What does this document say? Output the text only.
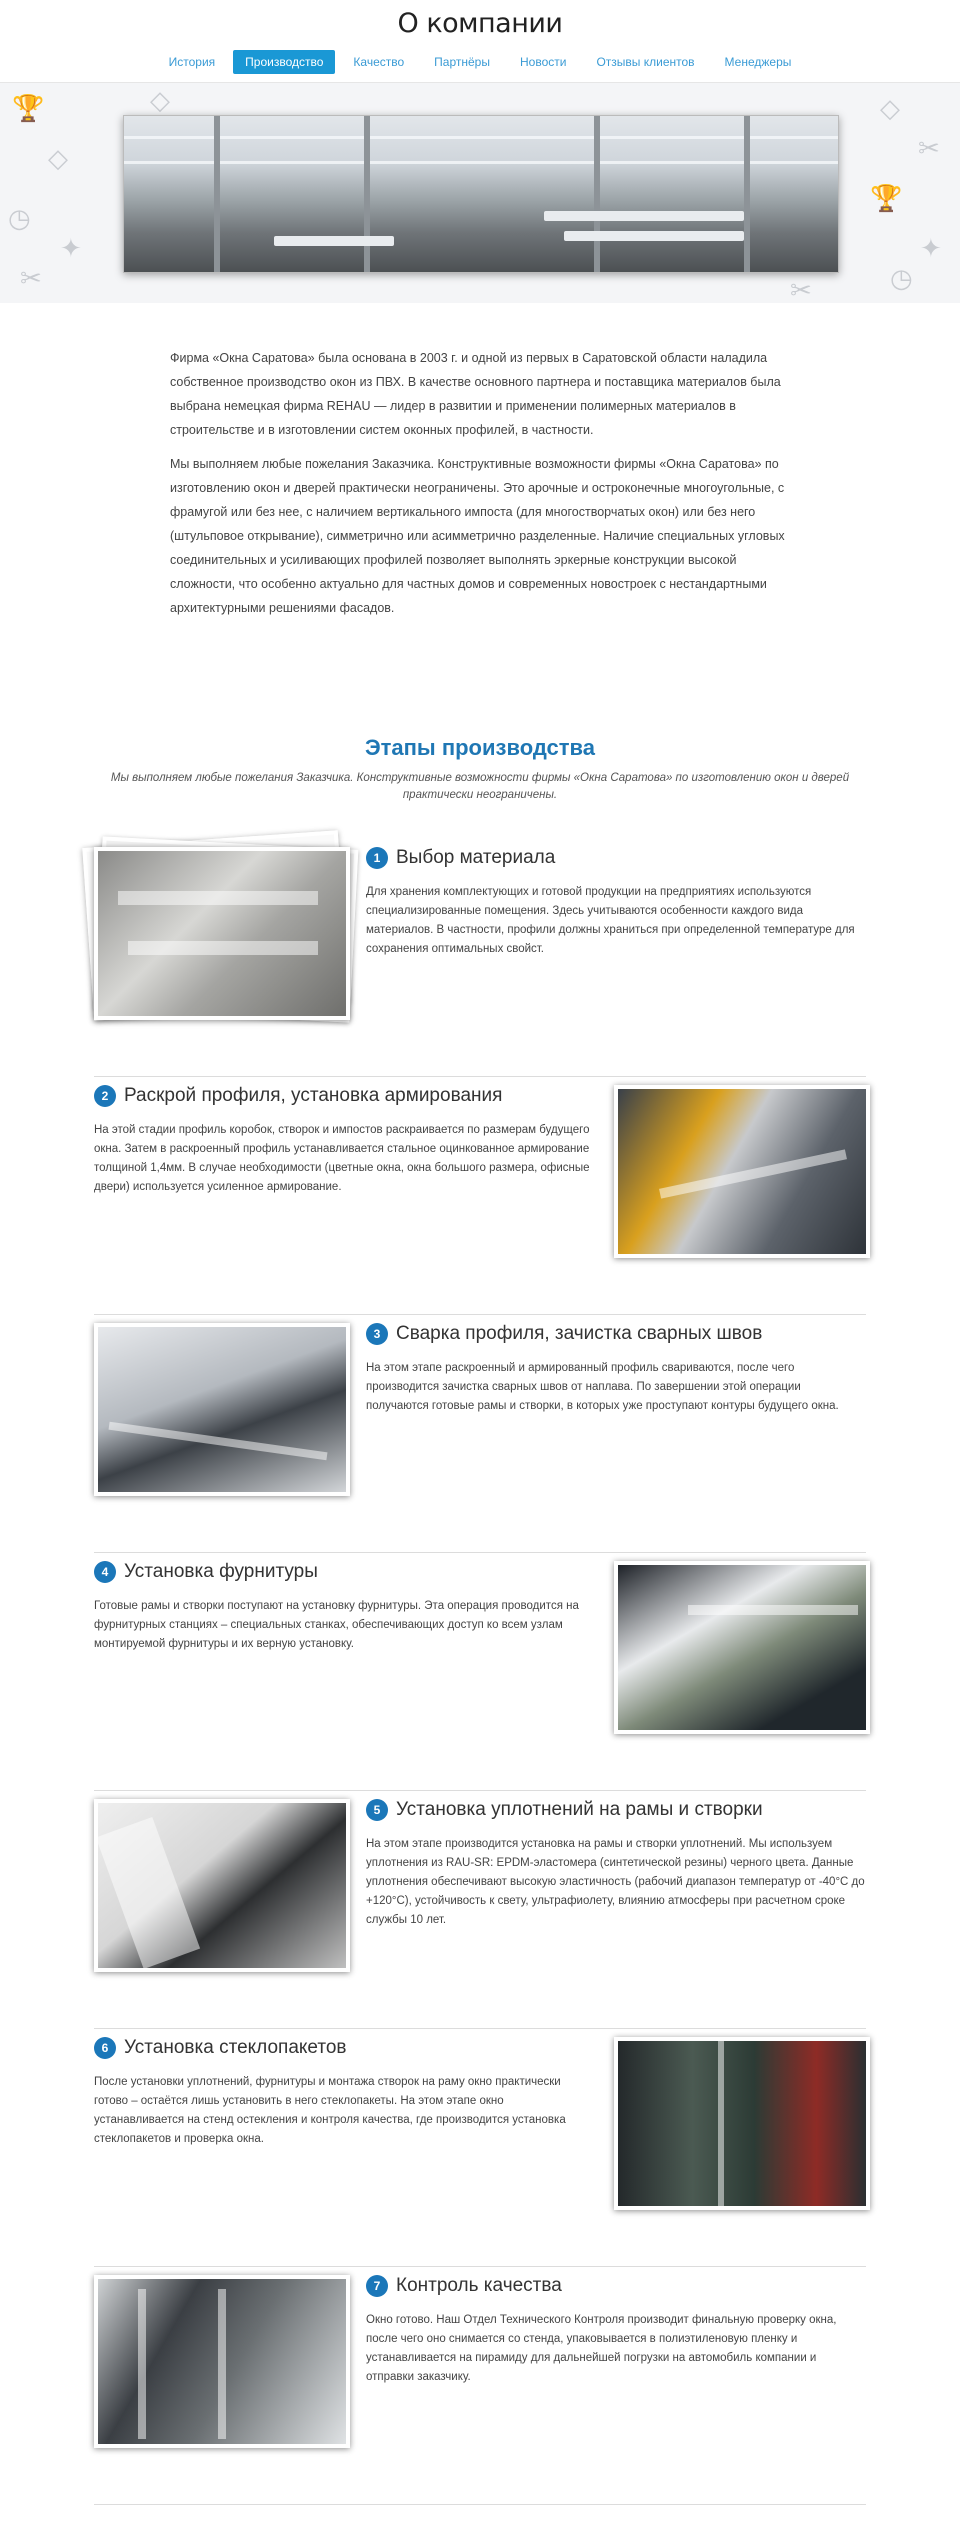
О компании
История	Производство	Качество	Партнёры	Новости	Отзывы клиентов	Менеджеры
🏆
◇
◷
✦
✂
◇
✂
🏆
✦
◷
◇
✂

Фирма «Окна Саратова» была основана в 2003 г. и одной из первых в Саратовской области наладила собственное производство окон из ПВХ. В качестве основного партнера и поставщика материалов была выбрана немецкая фирма REHAU — лидер в развитии и применении полимерных материалов в строительстве и в изготовлении систем оконных профилей, в частности.

Мы выполняем любые пожелания Заказчика. Конструктивные возможности фирмы «Окна Саратова» по изготовлению окон и дверей практически неограничены. Это арочные и остроконечные многоугольные, с фрамугой или без нее, с наличием вертикального импоста (для многостворчатых окон) или без него (штульповое открывание), симметрично или асимметрично разделенные. Наличие специальных угловых соединительных и усиливающих профилей позволяет выполнять эркерные конструкции высокой сложности, что особенно актуально для частных домов и современных новостроек с нестандартными архитектурными решениями фасадов.

Этапы производства
Мы выполняем любые пожелания Заказчика. Конструктивные возможности фирмы «Окна Саратова» по изготовлению окон и дверей практически неограничены.
1 Выбор материала
Для хранения комплектующих и готовой продукции на предприятиях используются специализированные помещения. Здесь учитываются особенности каждого вида материалов. В частности, профили должны храниться при определенной температуре для сохранения оптимальных свойст.
2 Раскрой профиля, установка армирования
На этой стадии профиль коробок, створок и импостов раскраивается по размерам будущего окна. Затем в раскроенный профиль устанавливается стальное оцинкованное армирование толщиной 1,4мм. В случае необходимости (цветные окна, окна большого размера, офисные двери) используется усиленное армирование.
3 Сварка профиля, зачистка сварных швов
На этом этапе раскроенный и армированный профиль свариваются, после чего производится зачистка сварных швов от наплава. По завершении этой операции получаются готовые рамы и створки, в которых уже проступают контуры будущего окна.
4 Установка фурнитуры
Готовые рамы и створки поступают на установку фурнитуры. Эта операция проводится на фурнитурных станциях – специальных станках, обеспечивающих доступ ко всем узлам монтируемой фурнитуры и их верную установку.
5 Установка уплотнений на рамы и створки
На этом этапе производится установка на рамы и створки уплотнений. Мы используем уплотнения из RAU-SR: EPDM-эластомера (синтетической резины) черного цвета. Данные уплотнения обеспечивают высокую эластичность (рабочий диапазон температур от -40°С до +120°С), устойчивость к свету, ультрафиолету, влиянию атмосферы при расчетном сроке службы 10 лет.
6 Установка стеклопакетов
После установки уплотнений, фурнитуры и монтажа створок на раму окно практически готово – остаётся лишь установить в него стеклопакеты. На этом этапе окно устанавливается на стенд остекления и контроля качества, где производится установка стеклопакетов и проверка окна.
7 Контроль качества
Окно готово. Наш Отдел Технического Контроля производит финальную проверку окна, после чего оно снимается со стенда, упаковывается в полиэтиленовую пленку и устанавливается на пирамиду для дальнейшей погрузки на автомобиль компании и отправки заказчику.
